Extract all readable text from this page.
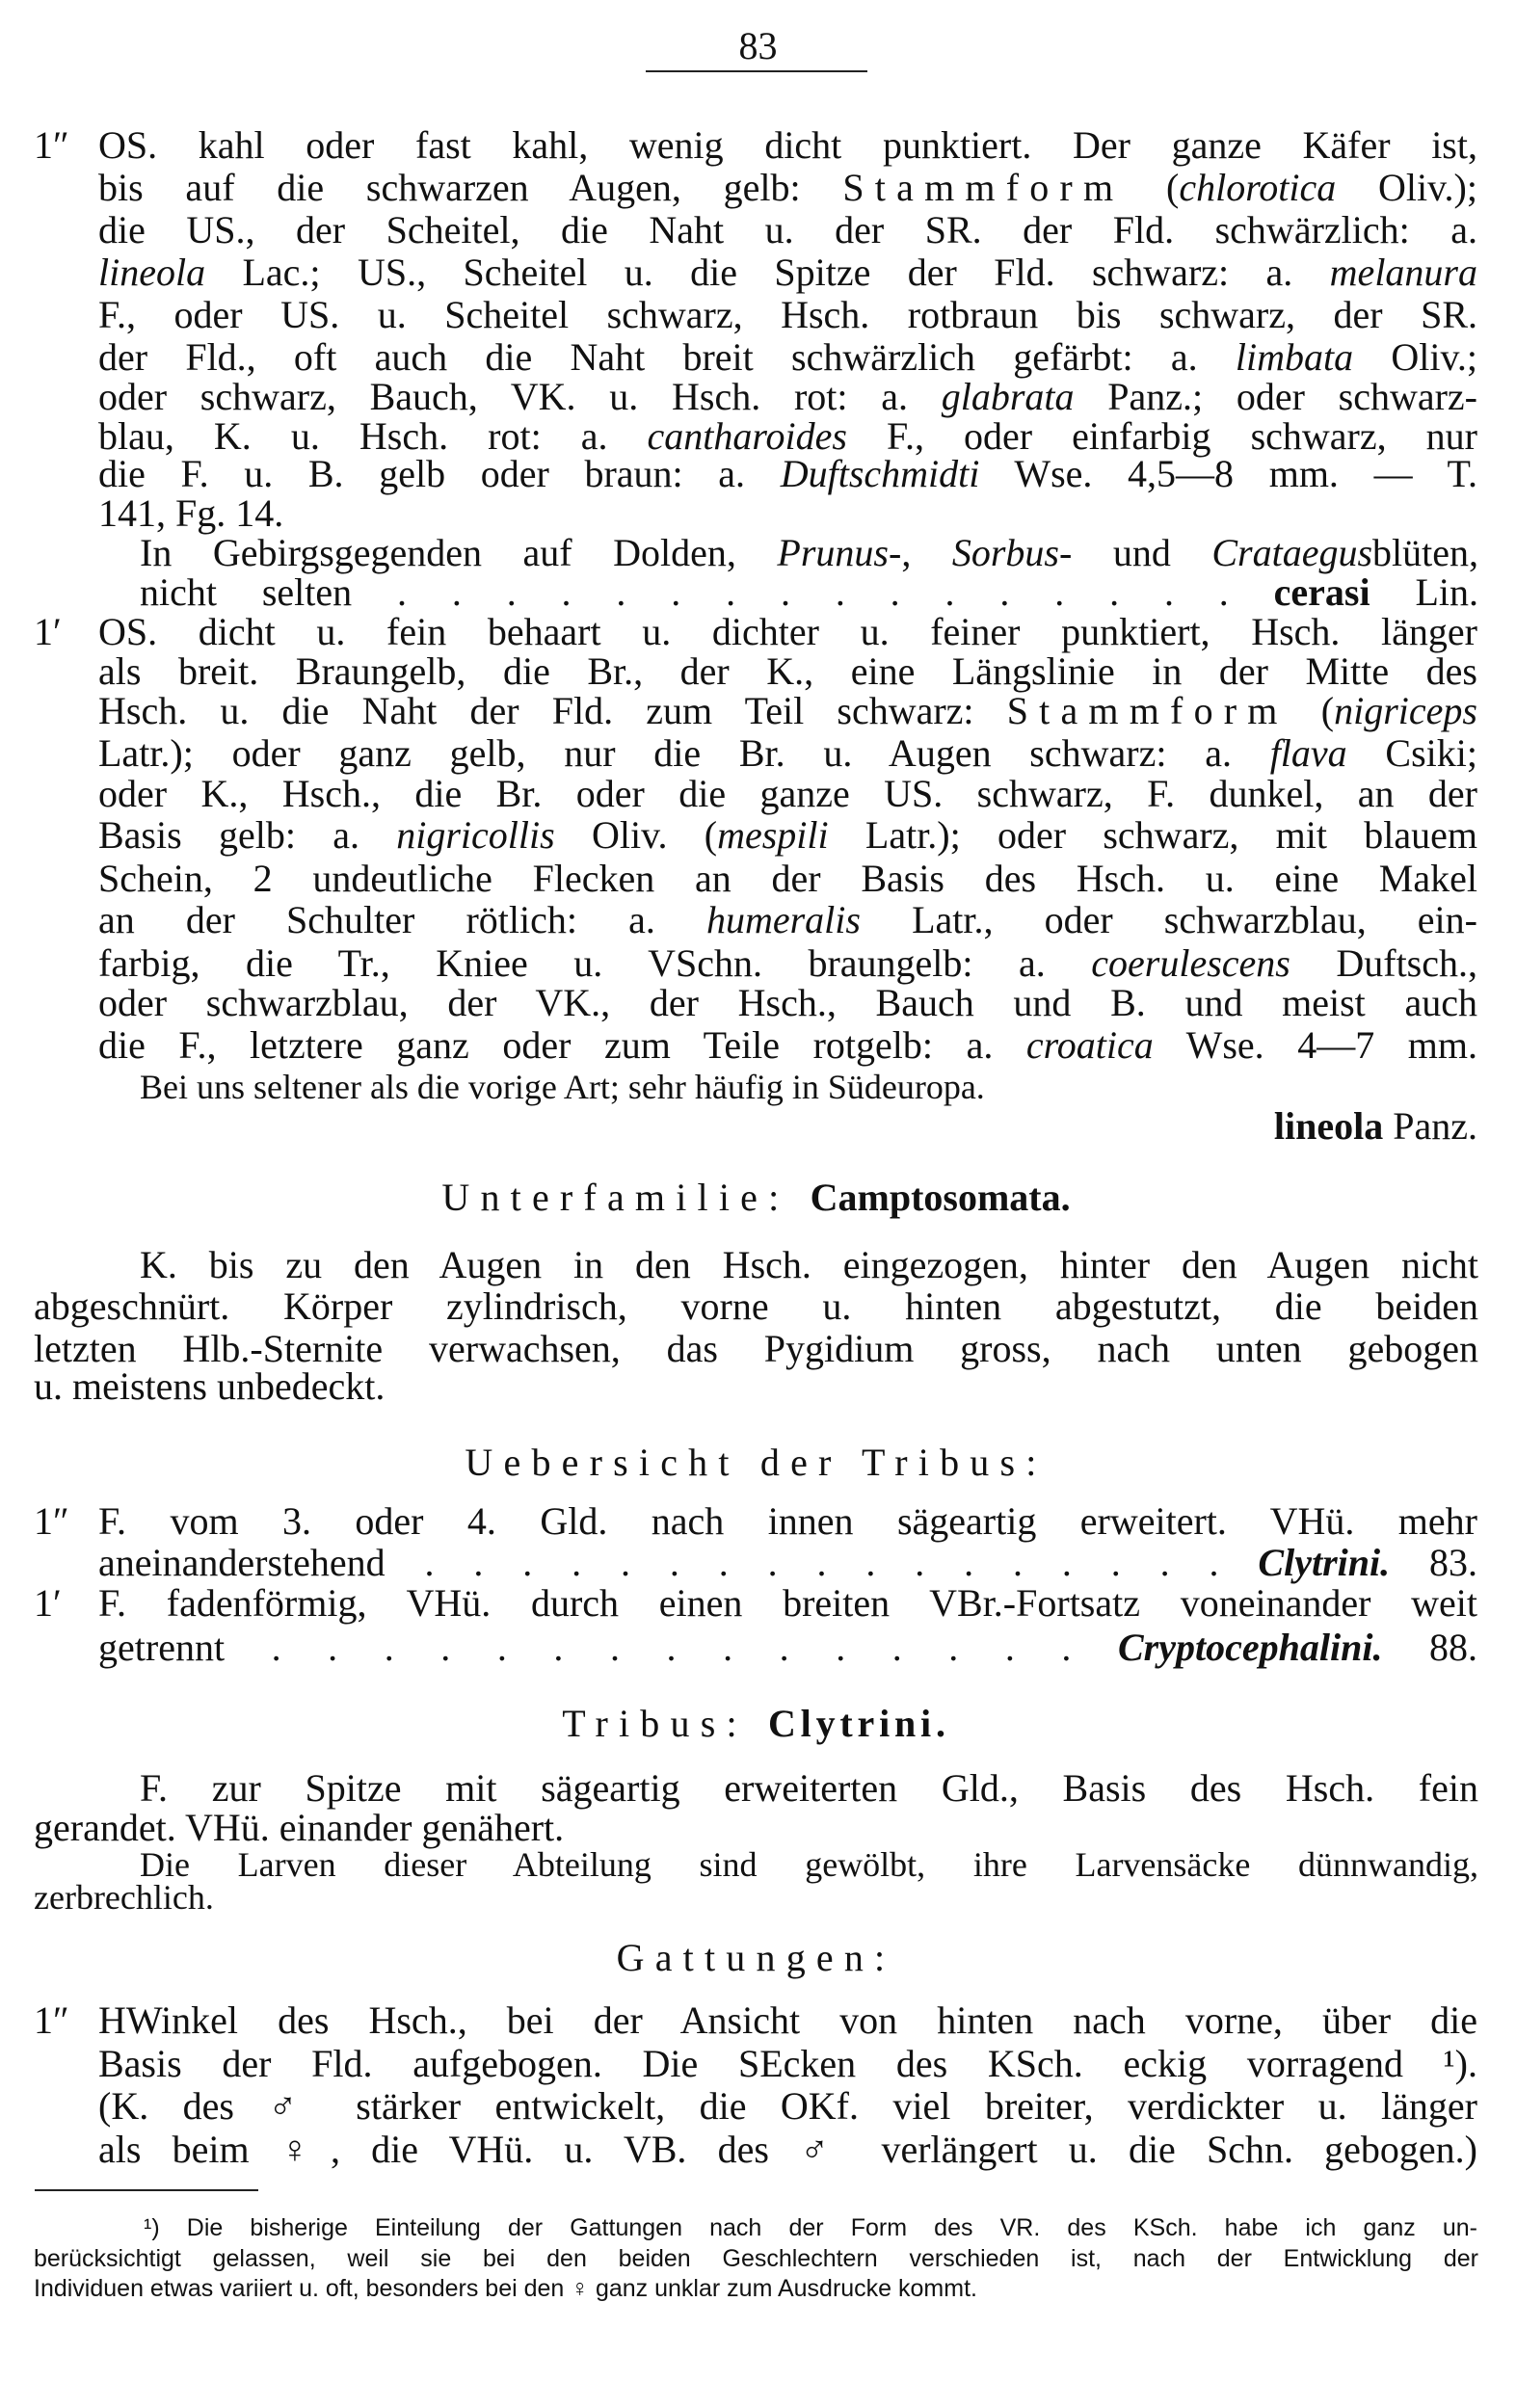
83
OS. kahl oder fast kahl, wenig dicht punktiert. Der ganze Käfer ist,
1″
bis auf die schwarzen Augen, gelb: Stammform (chlorotica Oliv.);
die US., der Scheitel, die Naht u. der SR. der Fld. schwärzlich: a.
lineola Lac.; US., Scheitel u. die Spitze der Fld. schwarz: a. melanura
F., oder US. u. Scheitel schwarz, Hsch. rotbraun bis schwarz, der SR.
der Fld., oft auch die Naht breit schwärzlich gefärbt: a. limbata Oliv.;
oder schwarz, Bauch, VK. u. Hsch. rot: a. glabrata Panz.; oder schwarz-
blau, K. u. Hsch. rot: a. cantharoides F., oder einfarbig schwarz, nur
die F. u. B. gelb oder braun: a. Duftschmidti Wse. 4,5—8 mm. — T.
141, Fg. 14.
In Gebirgsgegenden auf Dolden, Prunus-, Sorbus- und Crataegusblüten,
nicht selten . . . . . . . . . . . . . . . . cerasi Lin.
OS. dicht u. fein behaart u. dichter u. feiner punktiert, Hsch. länger
1′
als breit. Braungelb, die Br., der K., eine Längslinie in der Mitte des
Hsch. u. die Naht der Fld. zum Teil schwarz: Stammform (nigriceps
Latr.); oder ganz gelb, nur die Br. u. Augen schwarz: a. flava Csiki;
oder K., Hsch., die Br. oder die ganze US. schwarz, F. dunkel, an der
Basis gelb: a. nigricollis Oliv. (mespili Latr.); oder schwarz, mit blauem
Schein, 2 undeutliche Flecken an der Basis des Hsch. u. eine Makel
an der Schulter rötlich: a. humeralis Latr., oder schwarzblau, ein-
farbig, die Tr., Kniee u. VSchn. braungelb: a. coerulescens Duftsch.,
oder schwarzblau, der VK., der Hsch., Bauch und B. und meist auch
die F., letztere ganz oder zum Teile rotgelb: a. croatica Wse. 4—7 mm.
Bei uns seltener als die vorige Art; sehr häufig in Südeuropa.
lineola Panz.
Unterfamilie: Camptosomata.
K. bis zu den Augen in den Hsch. eingezogen, hinter den Augen nicht
abgeschnürt. Körper zylindrisch, vorne u. hinten abgestutzt, die beiden
letzten Hlb.-Sternite verwachsen, das Pygidium gross, nach unten gebogen
u. meistens unbedeckt.
Uebersicht der Tribus:
F. vom 3. oder 4. Gld. nach innen sägeartig erweitert. VHü. mehr
1″
aneinanderstehend . . . . . . . . . . . . . . . . . Clytrini. 83.
F. fadenförmig, VHü. durch einen breiten VBr.-Fortsatz voneinander weit
1′
getrennt . . . . . . . . . . . . . . . Cryptocephalini. 88.
Tribus: Clytrini.
F. zur Spitze mit sägeartig erweiterten Gld., Basis des Hsch. fein
gerandet. VHü. einander genähert.
Die Larven dieser Abteilung sind gewölbt, ihre Larvensäcke dünnwandig,
zerbrechlich.
Gattungen:
HWinkel des Hsch., bei der Ansicht von hinten nach vorne, über die
1″
Basis der Fld. aufgebogen. Die SEcken des KSch. eckig vorragend ¹).
(K. des ♂ stärker entwickelt, die OKf. viel breiter, verdickter u. länger
als beim ♀, die VHü. u. VB. des ♂ verlängert u. die Schn. gebogen.)
¹) Die bisherige Einteilung der Gattungen nach der Form des VR. des KSch. habe ich ganz un-
berücksichtigt gelassen, weil sie bei den beiden Geschlechtern verschieden ist, nach der Entwicklung der
Individuen etwas variiert u. oft, besonders bei den ♀ ganz unklar zum Ausdrucke kommt.
